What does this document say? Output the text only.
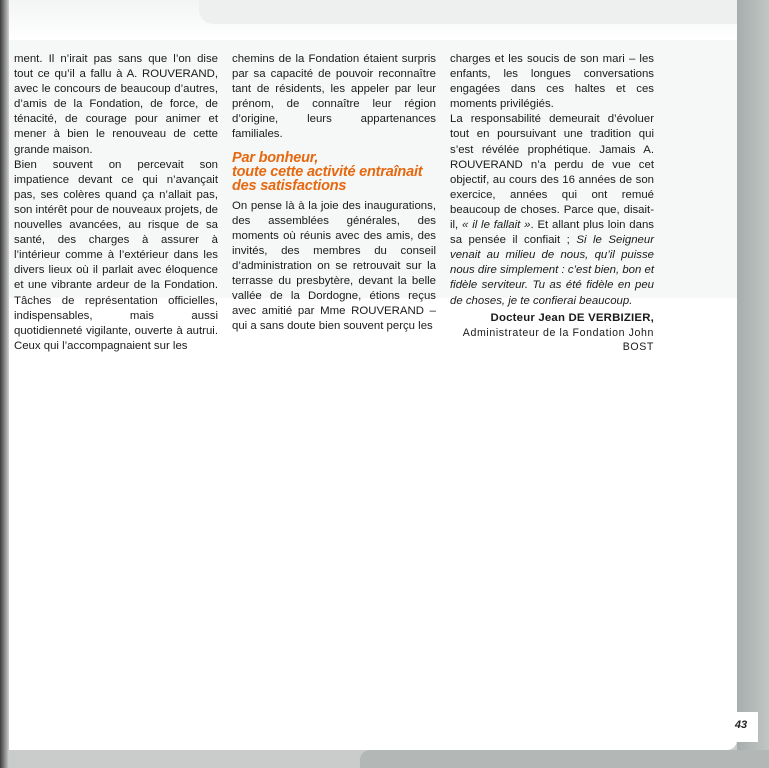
43

ment. Il n’irait pas sans que l’on dise tout ce qu’il a fallu à A. ROUVERAND, avec le concours de beaucoup d’autres, d’amis de la Fondation, de force, de ténacité, de courage pour animer et mener à bien le renouveau de cette grande maison.

Bien souvent on percevait son impatience devant ce qui n’avançait pas, ses colères quand ça n’allait pas, son intérêt pour de nouveaux projets, de nouvelles avancées, au risque de sa santé, des charges à assurer à l’intérieur comme à l’extérieur dans les divers lieux où il parlait avec éloquence et une vibrante ardeur de la Fondation. Tâches de représentation officielles, indispensables, mais aussi quotidienneté vigilante, ouverte à autrui. Ceux qui l’accompagnaient sur les

chemins de la Fondation étaient surpris par sa capacité de pouvoir reconnaître tant de résidents, les appeler par leur prénom, de connaître leur région d’origine, leurs appartenances familiales.

Par bonheur,
toute cette activité entraînait
des satisfactions

On pense là à la joie des inaugurations, des assemblées générales, des moments où réunis avec des amis, des invités, des membres du conseil d’administration on se retrouvait sur la terrasse du presbytère, devant la belle vallée de la Dordogne, étions reçus avec amitié par Mme ROUVERAND – qui a sans doute bien souvent perçu les

charges et les soucis de son mari – les enfants, les longues conversations engagées dans ces haltes et ces moments privilégiés.

La responsabilité demeurait d’évoluer tout en poursuivant une tradition qui s’est révélée prophétique. Jamais A. ROUVERAND n’a perdu de vue cet objectif, au cours des 16 années de son exercice, années qui ont remué beaucoup de choses. Parce que, disait-il, « il le fallait ». Et allant plus loin dans sa pensée il confiait ; Si le Seigneur venait au milieu de nous, qu’il puisse nous dire simplement : c’est bien, bon et fidèle serviteur. Tu as été fidèle en peu de choses, je te confierai beaucoup.

Docteur Jean DE VERBIZIER,
Administrateur de la Fondation John BOST
